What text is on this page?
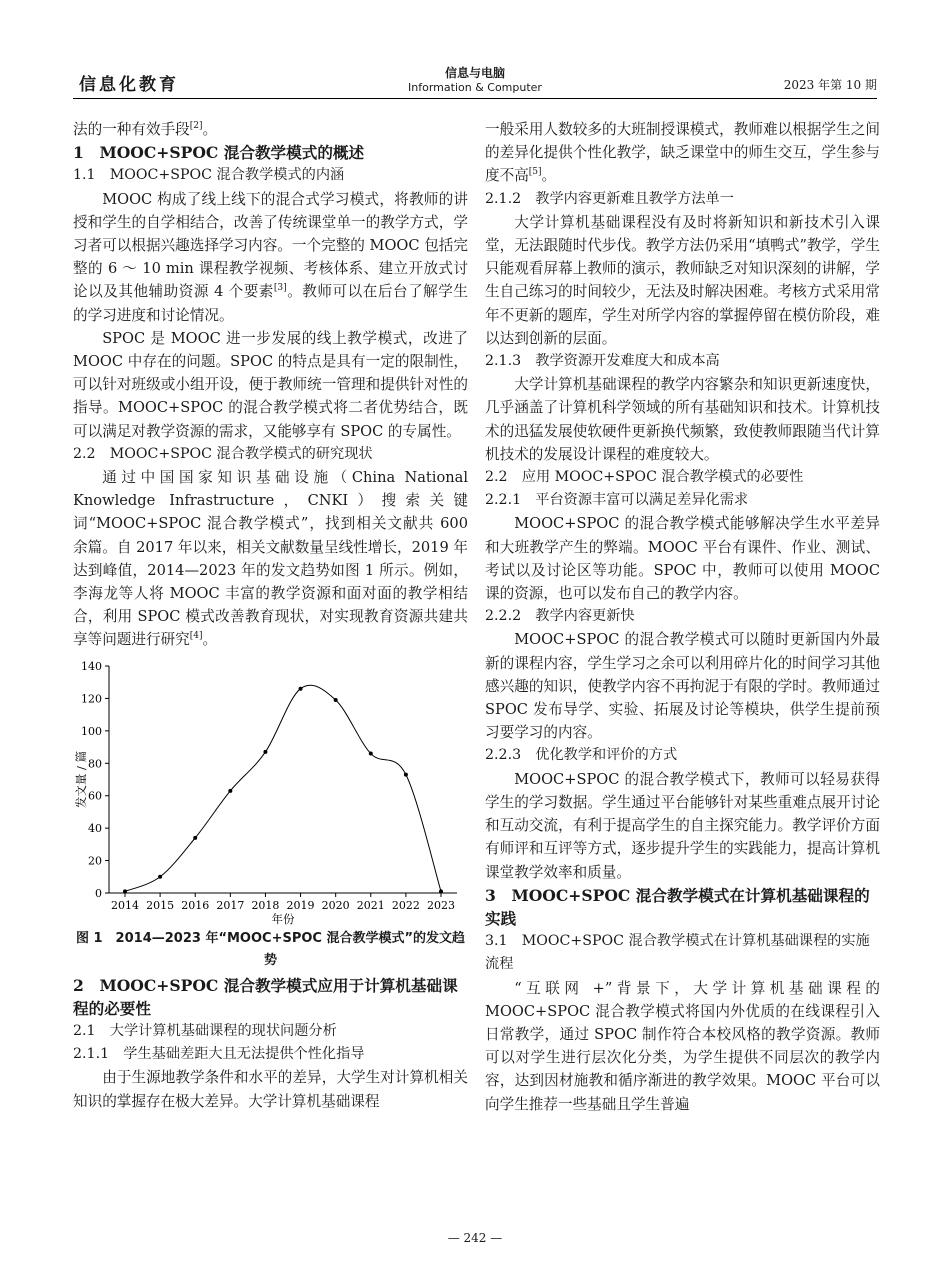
信息化教育
信息与电脑
Information & Computer	2023 年第 10 期

法的一种有效手段[2]。

1　MOOC+SPOC 混合教学模式的概述
1.1　MOOC+SPOC 混合教学模式的内涵

MOOC 构成了线上线下的混合式学习模式，将教师的讲授和学生的自学相结合，改善了传统课堂单一的教学方式，学习者可以根据兴趣选择学习内容。一个完整的 MOOC 包括完整的 6 ～ 10 min 课程教学视频、考核体系、建立开放式讨论以及其他辅助资源 4 个要素[3]。教师可以在后台了解学生的学习进度和讨论情况。

SPOC 是 MOOC 进一步发展的线上教学模式，改进了 MOOC 中存在的问题。SPOC 的特点是具有一定的限制性，可以针对班级或小组开设，便于教师统一管理和提供针对性的指导。MOOC+SPOC 的混合教学模式将二者优势结合，既可以满足对教学资源的需求，又能够享有 SPOC 的专属性。

2.2　MOOC+SPOC 混合教学模式的研究现状

通过中国国家知识基础设施（China National Knowledge Infrastructure，CNKI）搜索关键词“MOOC+SPOC 混合教学模式”，找到相关文献共 600 余篇。自 2017 年以来，相关文献数量呈线性增长，2019 年达到峰值，2014—2023 年的发文趋势如图 1 所示。例如，李海龙等人将 MOOC 丰富的教学资源和面对面的教学相结合，利用 SPOC 模式改善教育现状，对实现教育资源共建共享等问题进行研究[4]。

0
20
40
60
80
100
120
140
2014 2015 2016 2017 2018 2019 2020 2021 2022 2023
年份
发文量 / 篇
图 1　2014—2023 年“MOOC+SPOC 混合教学模式”的发文趋势
2　MOOC+SPOC 混合教学模式应用于计算机基础课程的必要性
2.1　大学计算机基础课程的现状问题分析
2.1.1　学生基础差距大且无法提供个性化指导

由于生源地教学条件和水平的差异，大学生对计算机相关知识的掌握存在极大差异。大学计算机基础课程

一般采用人数较多的大班制授课模式，教师难以根据学生之间的差异化提供个性化教学，缺乏课堂中的师生交互，学生参与度不高[5]。

2.1.2　教学内容更新难且教学方法单一

大学计算机基础课程没有及时将新知识和新技术引入课堂，无法跟随时代步伐。教学方法仍采用“填鸭式”教学，学生只能观看屏幕上教师的演示，教师缺乏对知识深刻的讲解，学生自己练习的时间较少，无法及时解决困难。考核方式采用常年不更新的题库，学生对所学内容的掌握停留在模仿阶段，难以达到创新的层面。

2.1.3　教学资源开发难度大和成本高

大学计算机基础课程的教学内容繁杂和知识更新速度快，几乎涵盖了计算机科学领域的所有基础知识和技术。计算机技术的迅猛发展使软硬件更新换代频繁，致使教师跟随当代计算机技术的发展设计课程的难度较大。

2.2　应用 MOOC+SPOC 混合教学模式的必要性
2.2.1　平台资源丰富可以满足差异化需求

MOOC+SPOC 的混合教学模式能够解决学生水平差异和大班教学产生的弊端。MOOC 平台有课件、作业、测试、考试以及讨论区等功能。SPOC 中，教师可以使用 MOOC 课的资源，也可以发布自己的教学内容。

2.2.2　教学内容更新快

MOOC+SPOC 的混合教学模式可以随时更新国内外最新的课程内容，学生学习之余可以利用碎片化的时间学习其他感兴趣的知识，使教学内容不再拘泥于有限的学时。教师通过 SPOC 发布导学、实验、拓展及讨论等模块，供学生提前预习要学习的内容。

2.2.3　优化教学和评价的方式

MOOC+SPOC 的混合教学模式下，教师可以轻易获得学生的学习数据。学生通过平台能够针对某些重难点展开讨论和互动交流，有利于提高学生的自主探究能力。教学评价方面有师评和互评等方式，逐步提升学生的实践能力，提高计算机课堂教学效率和质量。

3　MOOC+SPOC 混合教学模式在计算机基础课程的实践
3.1　MOOC+SPOC 混合教学模式在计算机基础课程的实施流程

“互联网 +”背景下，大学计算机基础课程的 MOOC+SPOC 混合教学模式将国内外优质的在线课程引入日常教学，通过 SPOC 制作符合本校风格的教学资源。教师可以对学生进行层次化分类，为学生提供不同层次的教学内容，达到因材施教和循序渐进的教学效果。MOOC 平台可以向学生推荐一些基础且学生普遍

— 242 —
